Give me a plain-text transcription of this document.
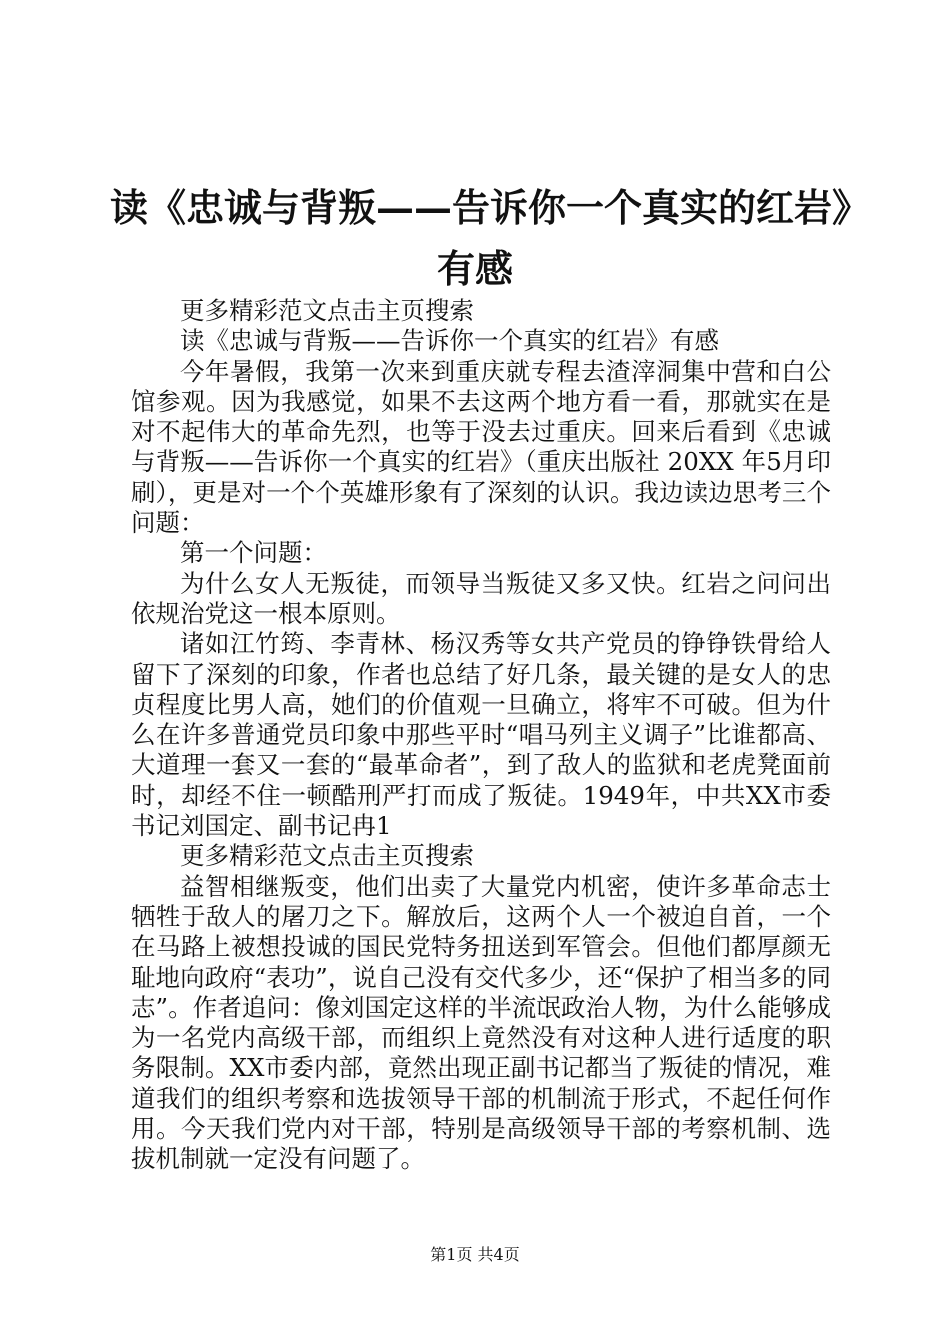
读《忠诚与背叛——告诉你一个真实的红岩》
有感

更多精彩范文点击主页搜索

读《忠诚与背叛——告诉你一个真实的红岩》有感

今年暑假，我第一次来到重庆就专程去渣滓洞集中营和白公馆参观。因为我感觉，如果不去这两个地方看一看，那就实在是对不起伟大的革命先烈，也等于没去过重庆。回来后看到《忠诚与背叛——告诉你一个真实的红岩》（重庆出版社 20XX 年5月印刷），更是对一个个英雄形象有了深刻的认识。我边读边思考三个问题：

第一个问题：

为什么女人无叛徒，而领导当叛徒又多又快。红岩之问问出依规治党这一根本原则。

诸如江竹筠、李青林、杨汉秀等女共产党员的铮铮铁骨给人留下了深刻的印象，作者也总结了好几条，最关键的是女人的忠贞程度比男人高，她们的价值观一旦确立，将牢不可破。但为什么在许多普通党员印象中那些平时“唱马列主义调子”比谁都高、大道理一套又一套的“最革命者”，到了敌人的监狱和老虎凳面前时，却经不住一顿酷刑严打而成了叛徒。1949年，中共XX市委书记刘国定、副书记冉1

更多精彩范文点击主页搜索

益智相继叛变，他们出卖了大量党内机密，使许多革命志士牺牲于敌人的屠刀之下。解放后，这两个人一个被迫自首，一个在马路上被想投诚的国民党特务扭送到军管会。但他们都厚颜无耻地向政府“表功”，说自己没有交代多少，还“保护了相当多的同志”。作者追问：像刘国定这样的半流氓政治人物，为什么能够成为一名党内高级干部，而组织上竟然没有对这种人进行适度的职务限制。XX市委内部，竟然出现正副书记都当了叛徒的情况，难道我们的组织考察和选拔领导干部的机制流于形式，不起任何作用。今天我们党内对干部，特别是高级领导干部的考察机制、选拔机制就一定没有问题了。

第1页 共4页
